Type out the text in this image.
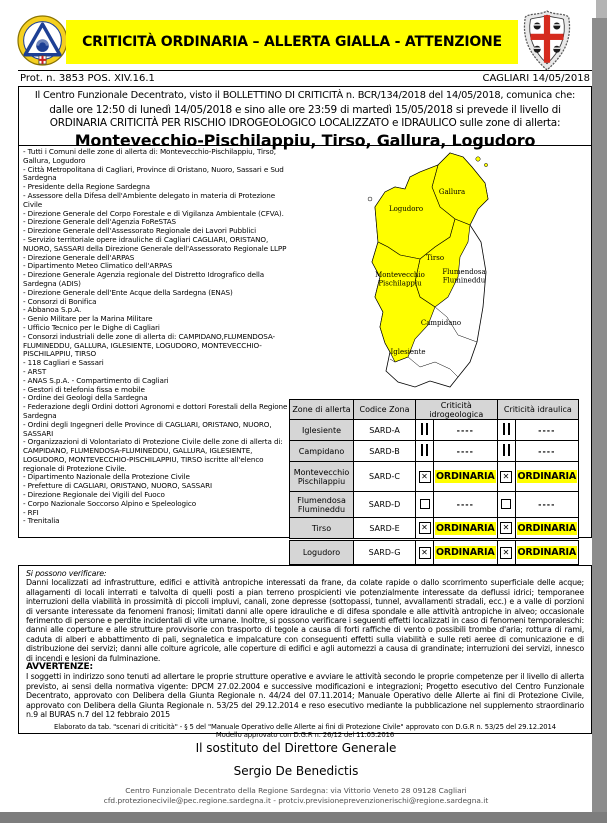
CRITICITÀ ORDINARIA – ALLERTA GIALLA - ATTENZIONE
Prot. n. 3853 POS. XIV.16.1	CAGLIARI 14/05/2018
Il Centro Funzionale Decentrato, visto il BOLLETTINO DI CRITICITÀ n. BCR/134/2018 del 14/05/2018, comunica che:
dalle ore 12:50 di lunedì 14/05/2018 e sino alle ore 23:59 di martedì 15/05/2018 si prevede il livello di ORDINARIA CRITICITÀ PER RISCHIO IDROGEOLOGICO LOCALIZZATO e IDRAULICO sulle zone di allerta:
Montevecchio-Pischilappiu, Tirso, Gallura, Logudoro
- Tutti i Comuni delle zone di allerta di: Montevecchio-Pischilappiu, Tirso, Gallura, Logudoro
- Città Metropolitana di Cagliari, Province di Oristano, Nuoro, Sassari e Sud Sardegna
- Presidente della Regione Sardegna
- Assessore della Difesa dell'Ambiente delegato in materia di Protezione Civile
- Direzione Generale del Corpo Forestale e di Vigilanza Ambientale (CFVA).
- Direzione Generale dell'Agenzia FoReSTAS
- Direzione Generale dell'Assessorato Regionale dei Lavori Pubblici
- Servizio territoriale opere idrauliche di Cagliari CAGLIARI, ORISTANO, NUORO, SASSARI della Direzione Generale dell'Assessorato Regionale LLPP
- Direzione Generale dell'ARPAS
- Dipartimento Meteo Climatico dell'ARPAS
- Direzione Generale Agenzia regionale del Distretto Idrografico della Sardegna (ADIS)
- Direzione Generale dell'Ente Acque della Sardegna (ENAS)
- Consorzi di Bonifica
- Abbanoa S.p.A.
- Genio Militare per la Marina Militare
- Ufficio Tecnico per le Dighe di Cagliari
- Consorzi industriali delle zone di allerta di: CAMPIDANO,FLUMENDOSA-FLUMINEDDU, GALLURA, IGLESIENTE, LOGUDORO, MONTEVECCHIO-PISCHILAPPIU, TIRSO
- 118 Cagliari e Sassari
- ARST
- ANAS S.p.A. - Compartimento di Cagliari
- Gestori di telefonia fissa e mobile
- Ordine dei Geologi della Sardegna
- Federazione degli Ordini dottori Agronomi e dottori Forestali della Regione Sardegna
- Ordini degli Ingegneri delle Province di CAGLIARI, ORISTANO, NUORO, SASSARI
- Organizzazioni di Volontariato di Protezione Civile delle zone di allerta di: CAMPIDANO, FLUMENDOSA-FLUMINEDDU, GALLURA, IGLESIENTE, LOGUDORO, MONTEVECCHIO-PISCHILAPPIU, TIRSO iscritte all'elenco regionale di Protezione Civile.
- Dipartimento Nazionale della Protezione Civile
- Prefetture di CAGLIARI, ORISTANO, NUORO, SASSARI
- Direzione Regionale dei Vigili del Fuoco
- Corpo Nazionale Soccorso Alpino e Speleologico
- RFI
- Trenitalia
Gallura
Logudoro
Tirso
Montevecchio Pischilappiu
Flumendosa Flumineddu
Campidano
Iglesiente
Zone di allerta	Codice Zona	Criticità idrogeologica		Criticità idraulica	
Iglesiente	SARD-A		----		----
Campidano	SARD-B		----		----
Montevecchio Pischilappiu	SARD-C	✕	ORDINARIA	✕	ORDINARIA
Flumendosa Flumineddu	SARD-D		----		----
Tirso	SARD-E	✕	ORDINARIA	✕	ORDINARIA
Logudoro	SARD-G	✕	ORDINARIA	✕	ORDINARIA
Si possono verificare:
Danni localizzati ad infrastrutture, edifici e attività antropiche interessati da frane, da colate rapide o dallo scorrimento superficiale delle acque; allagamenti di locali interrati e talvolta di quelli posti a pian terreno prospicienti vie potenzialmente interessate da deflussi idrici; temporanee interruzioni della viabilità in prossimità di piccoli impluvi, canali, zone depresse (sottopassi, tunnel, avvallamenti stradali, ecc.) e a valle di porzioni di versante interessate da fenomeni franosi; limitati danni alle opere idrauliche e di difesa spondale e alle attività antropiche in alveo; occasionale ferimento di persone e perdite incidentali di vite umane. Inoltre, si possono verificare i seguenti effetti localizzati in caso di fenomeni temporaleschi: danni alle coperture e alle strutture provvisorie con trasporto di tegole a causa di forti raffiche di vento o possibili trombe d'aria; rottura di rami, caduta di alberi e abbattimento di pali, segnaletica e impalcature con conseguenti effetti sulla viabilità e sulle reti aeree di comunicazione e di distribuzione dei servizi; danni alle colture agricole, alle coperture di edifici e agli automezzi a causa di grandinate; interruzioni dei servizi, innesco di incendi e lesioni da fulminazione.
AVVERTENZE:
I soggetti in indirizzo sono tenuti ad allertare le proprie strutture operative e avviare le attività secondo le proprie competenze per il livello di allerta previsto, ai sensi della normativa vigente: DPCM 27.02.2004 e successive modificazioni e integrazioni; Progetto esecutivo del Centro Funzionale Decentrato, approvato con Delibera della Giunta Regionale n. 44/24 del 07.11.2014; Manuale Operativo delle Allerte ai fini di Protezione Civile, approvato con Delibera della Giunta Regionale n. 53/25 del 29.12.2014 e reso esecutivo mediante la pubblicazione nel supplemento straordinario n.9 al BURAS n.7 del 12 febbraio 2015
Elaborato da tab. "scenari di criticità" - § 5 del "Manuale Operativo delle Allerte ai fini di Protezione Civile" approvato con D.G.R n. 53/25 del 29.12.2014
Modello approvato con D.G.R n. 26/12 del 11.05.2016
Il sostituto del Direttore Generale
Sergio De Benedictis
Centro Funzionale Decentrato della Regione Sardegna: via Vittorio Veneto 28 09128 Cagliari
cfd.protezionecivile@pec.regione.sardegna.it - protciv.previsioneprevenzionerischi@regione.sardegna.it
